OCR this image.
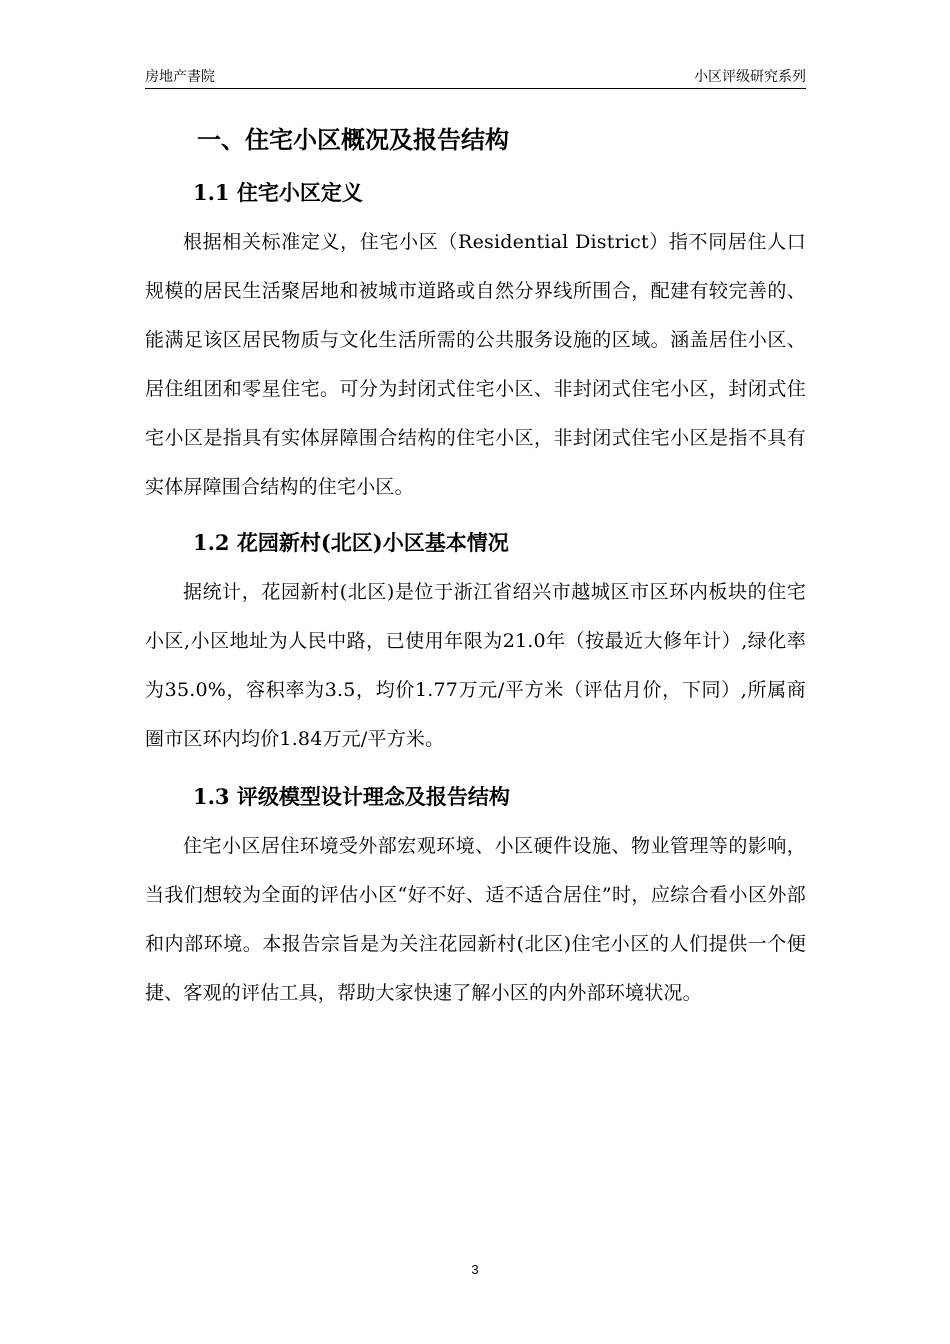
房地产書院	小区评级研究系列
一、住宅小区概况及报告结构
1.1 住宅小区定义

根据相关标准定义，住宅小区（Residential District）指不同居住人口规模的居民生活聚居地和被城市道路或自然分界线所围合，配建有较完善的、能满足该区居民物质与文化生活所需的公共服务设施的区域。涵盖居住小区、居住组团和零星住宅。可分为封闭式住宅小区、非封闭式住宅小区，封闭式住宅小区是指具有实体屏障围合结构的住宅小区，非封闭式住宅小区是指不具有实体屏障围合结构的住宅小区。

1.2 花园新村(北区)小区基本情况

据统计，花园新村(北区)是位于浙江省绍兴市越城区市区环内板块的住宅小区,小区地址为人民中路，已使用年限为21.0年（按最近大修年计）,绿化率为35.0%，容积率为3.5，均价1.77万元/平方米（评估月价，下同）,所属商圈市区环内均价1.84万元/平方米。

1.3 评级模型设计理念及报告结构

住宅小区居住环境受外部宏观环境、小区硬件设施、物业管理等的影响，当我们想较为全面的评估小区“好不好、适不适合居住”时，应综合看小区外部和内部环境。本报告宗旨是为关注花园新村(北区)住宅小区的人们提供一个便捷、客观的评估工具，帮助大家快速了解小区的内外部环境状况。

3
